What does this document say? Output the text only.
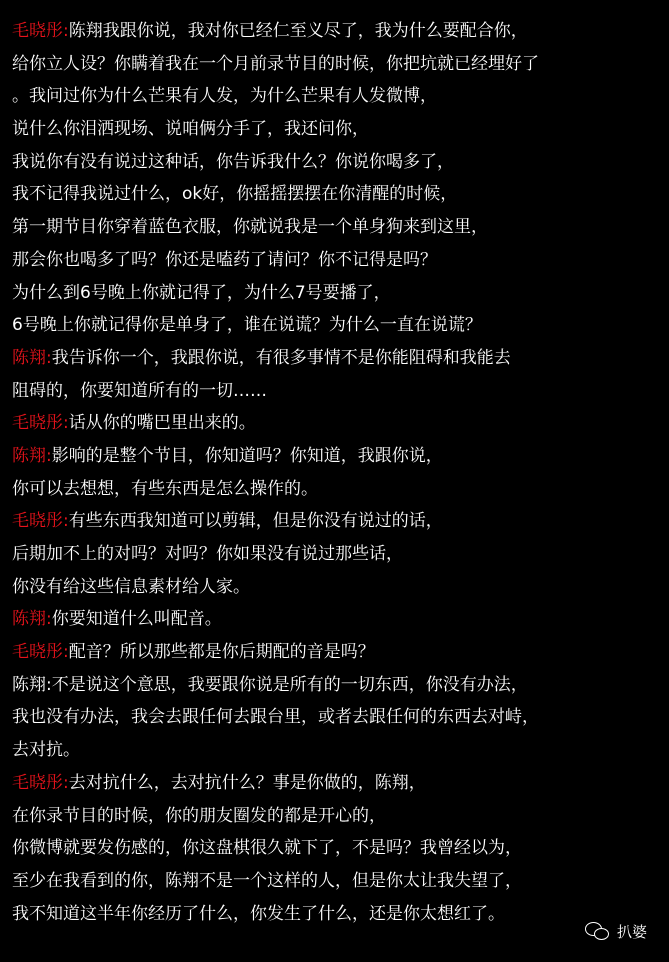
毛晓彤:陈翔我跟你说，我对你已经仁至义尽了，我为什么要配合你，
给你立人设？你瞒着我在一个月前录节目的时候，你把坑就已经埋好了
。我问过你为什么芒果有人发，为什么芒果有人发微博，
说什么你泪洒现场、说咱俩分手了，我还问你，
我说你有没有说过这种话，你告诉我什么？你说你喝多了，
我不记得我说过什么，ok好，你摇摇摆摆在你清醒的时候，
第一期节目你穿着蓝色衣服，你就说我是一个单身狗来到这里，
那会你也喝多了吗？你还是嗑药了请问？你不记得是吗？
为什么到6号晚上你就记得了，为什么7号要播了，
6号晚上你就记得你是单身了，谁在说谎？为什么一直在说谎？
陈翔:我告诉你一个，我跟你说，有很多事情不是你能阻碍和我能去
阻碍的，你要知道所有的一切……
毛晓彤:话从你的嘴巴里出来的。
陈翔:影响的是整个节目，你知道吗？你知道，我跟你说，
你可以去想想，有些东西是怎么操作的。
毛晓彤:有些东西我知道可以剪辑，但是你没有说过的话，
后期加不上的对吗？对吗？你如果没有说过那些话，
你没有给这些信息素材给人家。
陈翔:你要知道什么叫配音。
毛晓彤:配音？所以那些都是你后期配的音是吗？
陈翔:不是说这个意思，我要跟你说是所有的一切东西，你没有办法，
我也没有办法，我会去跟任何去跟台里，或者去跟任何的东西去对峙，
去对抗。
毛晓彤:去对抗什么，去对抗什么？事是你做的，陈翔，
在你录节目的时候，你的朋友圈发的都是开心的，
你微博就要发伤感的，你这盘棋很久就下了，不是吗？我曾经以为，
至少在我看到的你，陈翔不是一个这样的人，但是你太让我失望了，
我不知道这半年你经历了什么，你发生了什么，还是你太想红了。
扒婆
